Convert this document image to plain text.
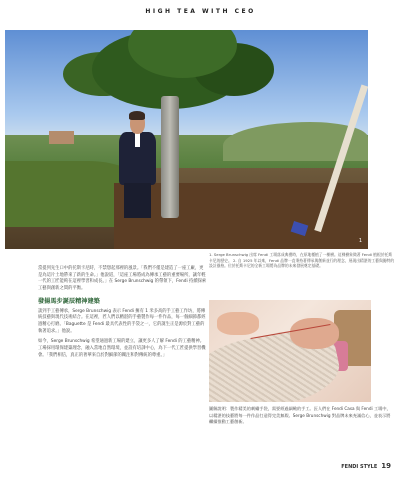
HIGH TEA WITH CEO
1
1. Serge Brunschwig 出席 Fendi 工場落成典禮時，在原地種植了一棵樹。這棵樹象徵著 Fendi 植根於托斯卡尼的歷史。 2. 自 1925 年以來，Fendi 品牌一直秉持著傳承與創新並行的理念，展現出精湛的工藝與獨特的設計風格。位於托斯卡尼的全新工場將為品牌的未來發展奠定基礎。

當提到先生口中的托斯卡尼時，不禁想起那裡的風景。「我們不僅是建造了一座工廠，更是為這片土地帶來了新的生命。」他說道，「這座工場將成為傳承工藝的重要場所，讓年輕一代的工匠能夠在這裡學習和成長。」在 Serge Brunschwig 的帶領下，Fendi 持續探索工藝與創新之間的平衡。

發揚馬步誕辰精神建築

談到手工藝傳承，Serge Brunschwig 表示 Fendi 擁有 1 米多高的手工藝工作坊，將傳統技藝與現代技術結合。在這裡，匠人們以精湛的手藝製作每一件作品，每一個細節都經過精心打磨。「Baguette 是 Fendi 最具代表性的手袋之一，它的誕生正是源於對工藝的執著追求。」他說。

如今，Serge Brunschwig 希望通過新工場的建立，讓更多人了解 Fendi 的工藝精神。工場採用環保建築理念，融入當地自然環境，並設有培訓中心，為下一代工匠提供學習機會。「我們相信，真正的奢華來自於對細節的關注和對傳統的尊重。」

圖解說明：製作精美的刺繡手袋，需要經過細緻的手工。匠人們在 Fendi Casa 與 Fendi 工場中，以精湛的技藝將每一件作品打造得完美無瑕。Serge Brunschwig 對品牌未來充滿信心，並表示將繼續推動工藝創新。
FENDI STYLE 19
